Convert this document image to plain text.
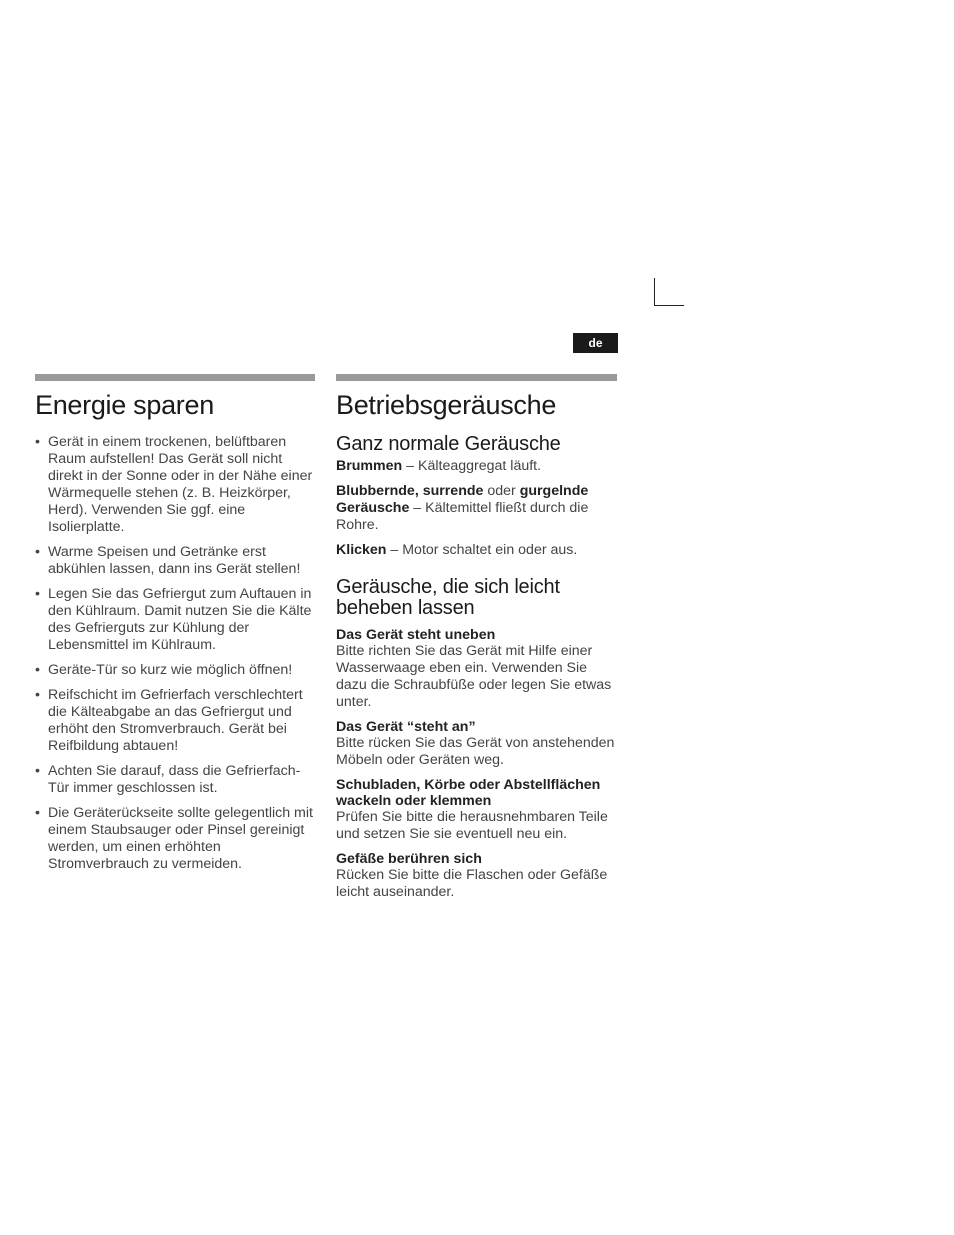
de
Energie sparen
• Gerät in einem trockenen, belüftbaren Raum aufstellen! Das Gerät soll nicht direkt in der Sonne oder in der Nähe einer Wärmequelle stehen (z. B. Heizkörper, Herd). Verwenden Sie ggf. eine Isolierplatte.
• Warme Speisen und Getränke erst abkühlen lassen, dann ins Gerät stellen!
• Legen Sie das Gefriergut zum Auftauen in den Kühlraum. Damit nutzen Sie die Kälte des Gefrierguts zur Kühlung der Lebensmittel im Kühlraum.
• Geräte-Tür so kurz wie möglich öffnen!
• Reifschicht im Gefrierfach verschlechtert die Kälteabgabe an das Gefriergut und erhöht den Stromverbrauch. Gerät bei Reifbildung abtauen!
• Achten Sie darauf, dass die Gefrierfach-Tür immer geschlossen ist.
• Die Geräterückseite sollte gelegentlich mit einem Staubsauger oder Pinsel gereinigt werden, um einen erhöhten Stromverbrauch zu vermeiden.
Betriebsgeräusche
Ganz normale Geräusche

Brummen – Kälteaggregat läuft.

Blubbernde, surrende oder gurgelnde Geräusche – Kältemittel fließt durch die Rohre.

Klicken – Motor schaltet ein oder aus.

Geräusche, die sich leicht beheben lassen

Das Gerät steht uneben

Bitte richten Sie das Gerät mit Hilfe einer Wasserwaage eben ein. Verwenden Sie dazu die Schraubfüße oder legen Sie etwas unter.

Das Gerät “steht an”

Bitte rücken Sie das Gerät von anstehenden Möbeln oder Geräten weg.

Schubladen, Körbe oder Abstellflächen wackeln oder klemmen

Prüfen Sie bitte die herausnehmbaren Teile und setzen Sie sie eventuell neu ein.

Gefäße berühren sich

Rücken Sie bitte die Flaschen oder Gefäße leicht auseinander.
